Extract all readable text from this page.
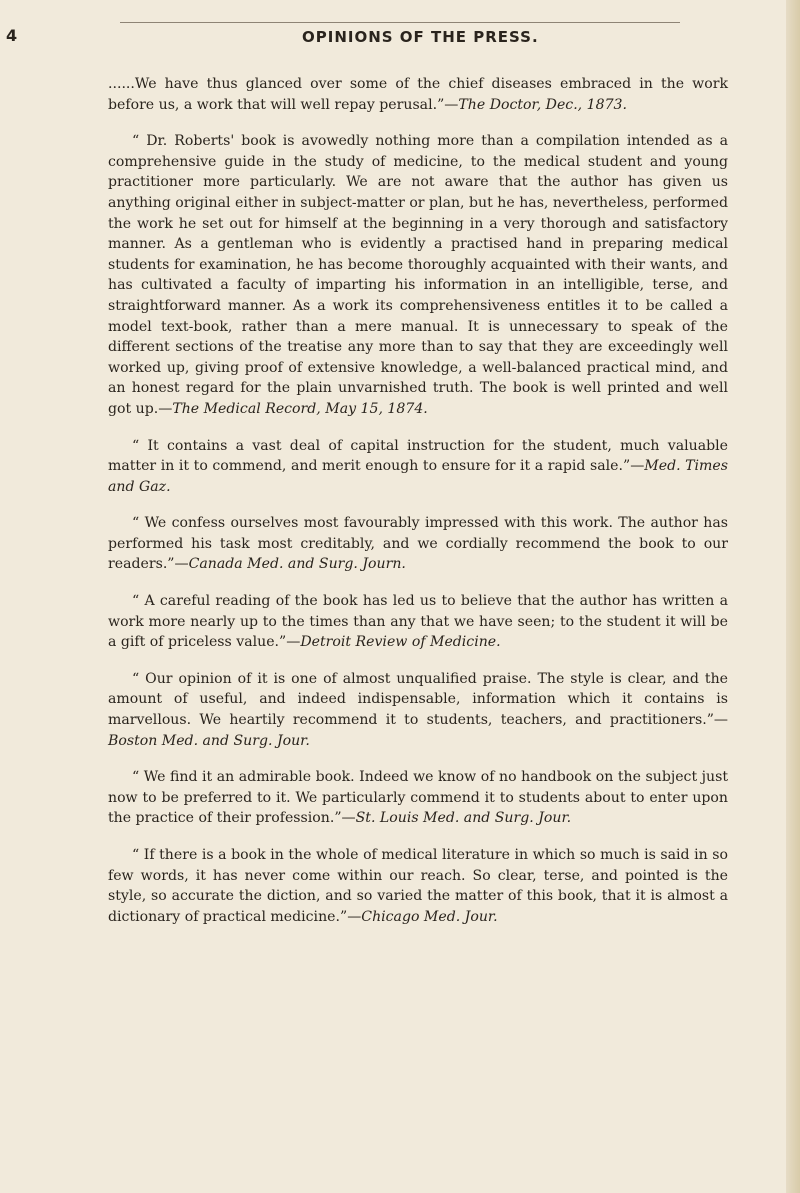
4	OPINIONS OF THE PRESS.

......We have thus glanced over some of the chief diseases embraced in the work before us, a work that will well repay perusal.”—The Doctor, Dec., 1873.

“ Dr. Roberts' book is avowedly nothing more than a compilation intended as a comprehensive guide in the study of medicine, to the medical student and young practitioner more particularly. We are not aware that the author has given us anything original either in subject-matter or plan, but he has, nevertheless, performed the work he set out for himself at the beginning in a very thorough and satisfactory manner. As a gentleman who is evidently a practised hand in preparing medical students for examination, he has become thoroughly acquainted with their wants, and has cultivated a faculty of imparting his information in an intelligible, terse, and straightforward manner. As a work its comprehensiveness entitles it to be called a model text-book, rather than a mere manual. It is unnecessary to speak of the different sections of the treatise any more than to say that they are exceedingly well worked up, giving proof of extensive knowledge, a well-balanced practical mind, and an honest regard for the plain unvarnished truth. The book is well printed and well got up.—The Medical Record, May 15, 1874.

“ It contains a vast deal of capital instruction for the student, much valuable matter in it to commend, and merit enough to ensure for it a rapid sale.”—Med. Times and Gaz.

“ We confess ourselves most favourably impressed with this work. The author has performed his task most creditably, and we cordially recommend the book to our readers.”—Canada Med. and Surg. Journ.

“ A careful reading of the book has led us to believe that the author has written a work more nearly up to the times than any that we have seen; to the student it will be a gift of priceless value.”—Detroit Review of Medicine.

“ Our opinion of it is one of almost unqualified praise. The style is clear, and the amount of useful, and indeed indispensable, information which it contains is marvellous. We heartily recommend it to students, teachers, and practitioners.”—Boston Med. and Surg. Jour.

“ We find it an admirable book. Indeed we know of no handbook on the subject just now to be preferred to it. We particularly commend it to students about to enter upon the practice of their profession.”—St. Louis Med. and Surg. Jour.

“ If there is a book in the whole of medical literature in which so much is said in so few words, it has never come within our reach. So clear, terse, and pointed is the style, so accurate the diction, and so varied the matter of this book, that it is almost a dictionary of practical medicine.”—Chicago Med. Jour.
